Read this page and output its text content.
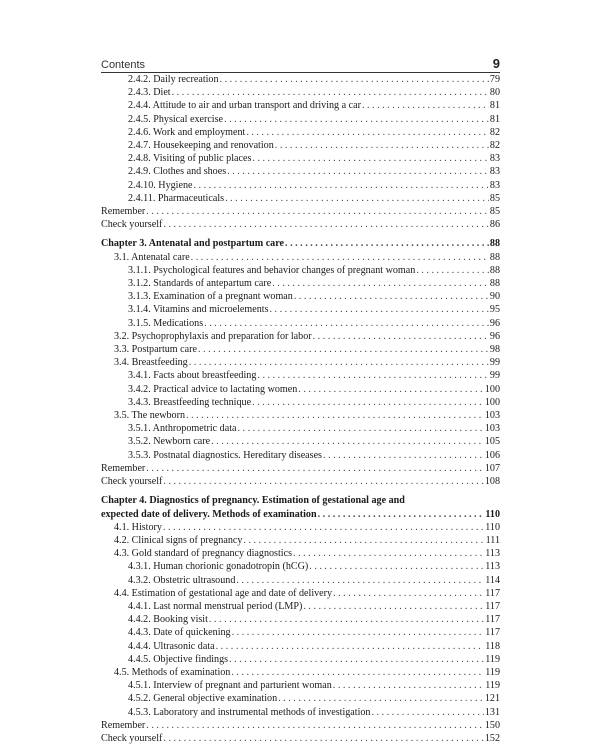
Contents	9
2.4.2. Daily recreation . . .	79
2.4.3. Diet . . .	80
2.4.4. Attitude to air and urban transport and driving a car . . .	81
2.4.5. Physical exercise . . .	81
2.4.6. Work and employment . . .	82
2.4.7. Housekeeping and renovation . . .	82
2.4.8. Visiting of public places . . .	83
2.4.9. Clothes and shoes . . .	83
2.4.10. Hygiene . . .	83
2.4.11. Pharmaceuticals . . .	85
Remember . . .	85
Check yourself . . .	86
Chapter 3. Antenatal and postpartum care . . .	88
3.1. Antenatal care . . .	88
3.1.1. Psychological features and behavior changes of pregnant woman . . .	88
3.1.2. Standards of antepartum care . . .	88
3.1.3. Examination of a pregnant woman . . .	90
3.1.4. Vitamins and microelements . . .	95
3.1.5. Medications . . .	96
3.2. Psychoprophylaxis and preparation for labor . . .	96
3.3. Postpartum care . . .	98
3.4. Breastfeeding . . .	99
3.4.1. Facts about breastfeeding . . .	99
3.4.2. Practical advice to lactating women . . .	100
3.4.3. Breastfeeding technique . . .	100
3.5. The newborn . . .	103
3.5.1. Anthropometric data . . .	103
3.5.2. Newborn care . . .	105
3.5.3. Postnatal diagnostics. Hereditary diseases . . .	106
Remember . . .	107
Check yourself . . .	108
Chapter 4. Diagnostics of pregnancy. Estimation of gestational age and
expected date of delivery. Methods of examination . . .	110
4.1. History . . .	110
4.2. Clinical signs of pregnancy . . .	111
4.3. Gold standard of pregnancy diagnostics . . .	113
4.3.1. Human chorionic gonadotropin (hCG) . . .	113
4.3.2. Obstetric ultrasound . . .	114
4.4. Estimation of gestational age and date of delivery . . .	117
4.4.1. Last normal menstrual period (LMP) . . .	117
4.4.2. Booking visit . . .	117
4.4.3. Date of quickening . . .	117
4.4.4. Ultrasonic data . . .	118
4.4.5. Objective findings . . .	119
4.5. Methods of examination . . .	119
4.5.1. Interview of pregnant and parturient woman . . .	119
4.5.2. General objective examination . . .	121
4.5.3. Laboratory and instrumental methods of investigation . . .	131
Remember . . .	150
Check yourself . . .	152
